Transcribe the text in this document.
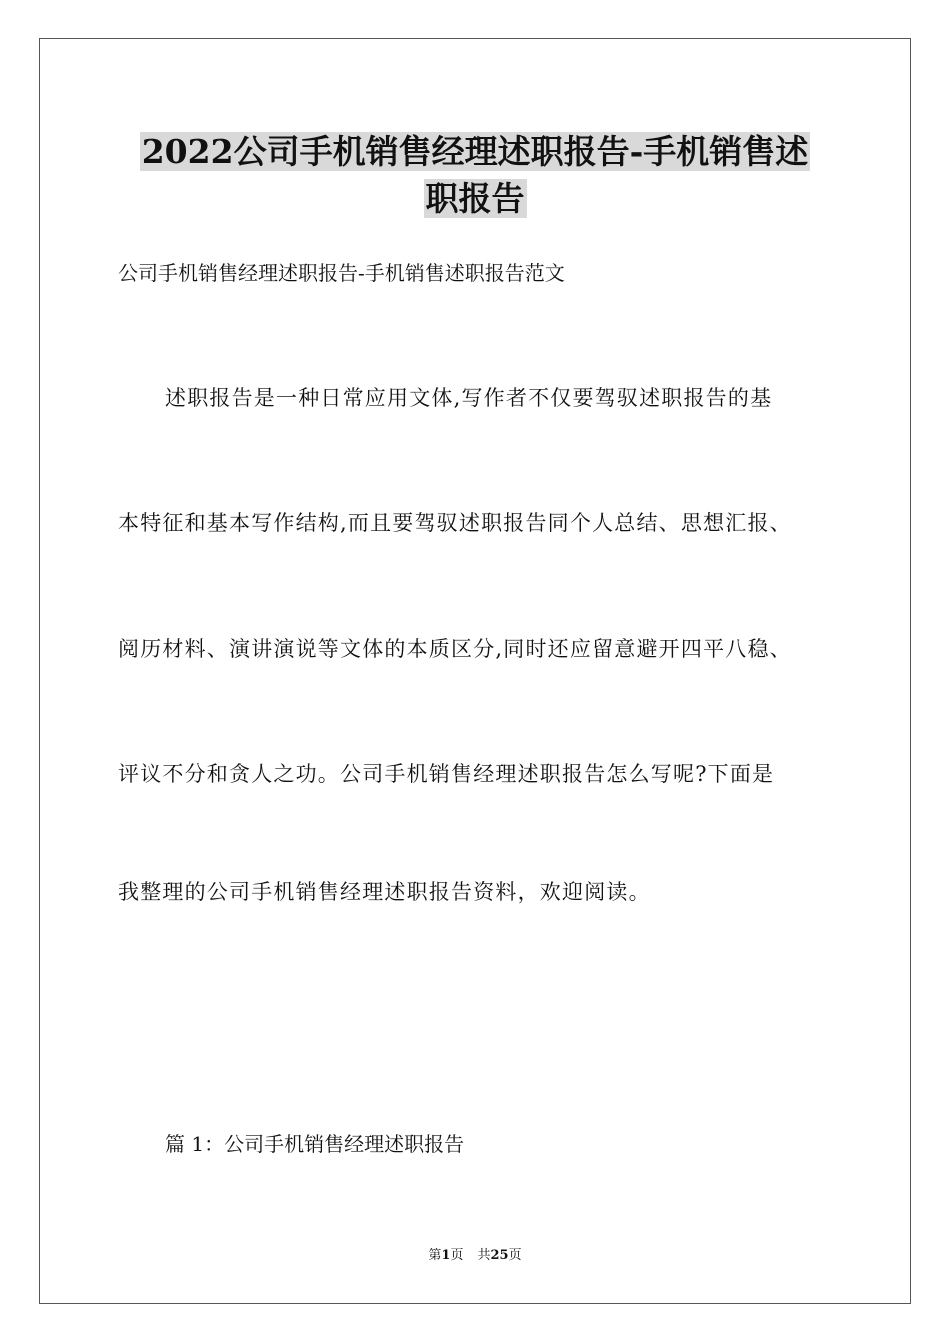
2022公司手机销售经理述职报告-手机销售述
职报告
公司手机销售经理述职报告-手机销售述职报告范文
述职报告是一种日常应用文体,写作者不仅要驾驭述职报告的基
本特征和基本写作结构,而且要驾驭述职报告同个人总结、思想汇报、
阅历材料、演讲演说等文体的本质区分,同时还应留意避开四平八稳、
评议不分和贪人之功。公司手机销售经理述职报告怎么写呢?下面是
我整理的公司手机销售经理述职报告资料，欢迎阅读。
篇 1：公司手机销售经理述职报告
第1页 共25页
